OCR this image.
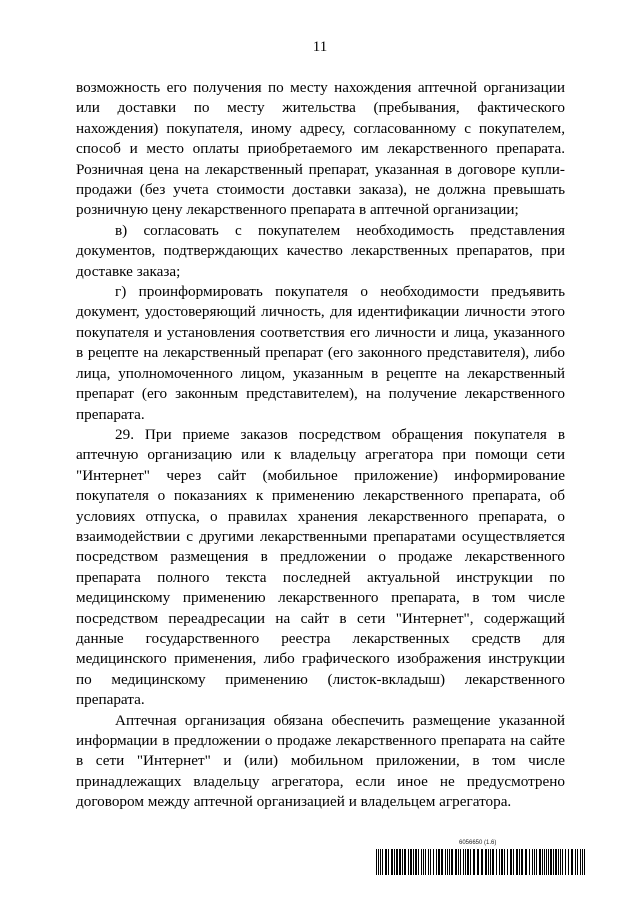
11

возможность его получения по месту нахождения аптечной организации или доставки по месту жительства (пребывания, фактического нахождения) покупателя, иному адресу, согласованному с покупателем, способ и место оплаты приобретаемого им лекарственного препарата. Розничная цена на лекарственный препарат, указанная в договоре купли-продажи (без учета стоимости доставки заказа), не должна превышать розничную цену лекарственного препарата в аптечной организации;

в) согласовать с покупателем необходимость представления документов, подтверждающих качество лекарственных препаратов, при доставке заказа;

г) проинформировать покупателя о необходимости предъявить документ, удостоверяющий личность, для идентификации личности этого покупателя и установления соответствия его личности и лица, указанного в рецепте на лекарственный препарат (его законного представителя), либо лица, уполномоченного лицом, указанным в рецепте на лекарственный препарат (его законным представителем), на получение лекарственного препарата.

29. При приеме заказов посредством обращения покупателя в аптечную организацию или к владельцу агрегатора при помощи сети "Интернет" через сайт (мобильное приложение) информирование покупателя о показаниях к применению лекарственного препарата, об условиях отпуска, о правилах хранения лекарственного препарата, о взаимодействии с другими лекарственными препаратами осуществляется посредством размещения в предложении о продаже лекарственного препарата полного текста последней актуальной инструкции по медицинскому применению лекарственного препарата, в том числе посредством переадресации на сайт в сети "Интернет", содержащий данные государственного реестра лекарственных средств для медицинского применения, либо графического изображения инструкции по медицинскому применению (листок-вкладыш) лекарственного препарата.

Аптечная организация обязана обеспечить размещение указанной информации в предложении о продаже лекарственного препарата на сайте в сети "Интернет" и (или) мобильном приложении, в том числе принадлежащих владельцу агрегатора, если иное не предусмотрено договором между аптечной организацией и владельцем агрегатора.

6056650 (1.6)
